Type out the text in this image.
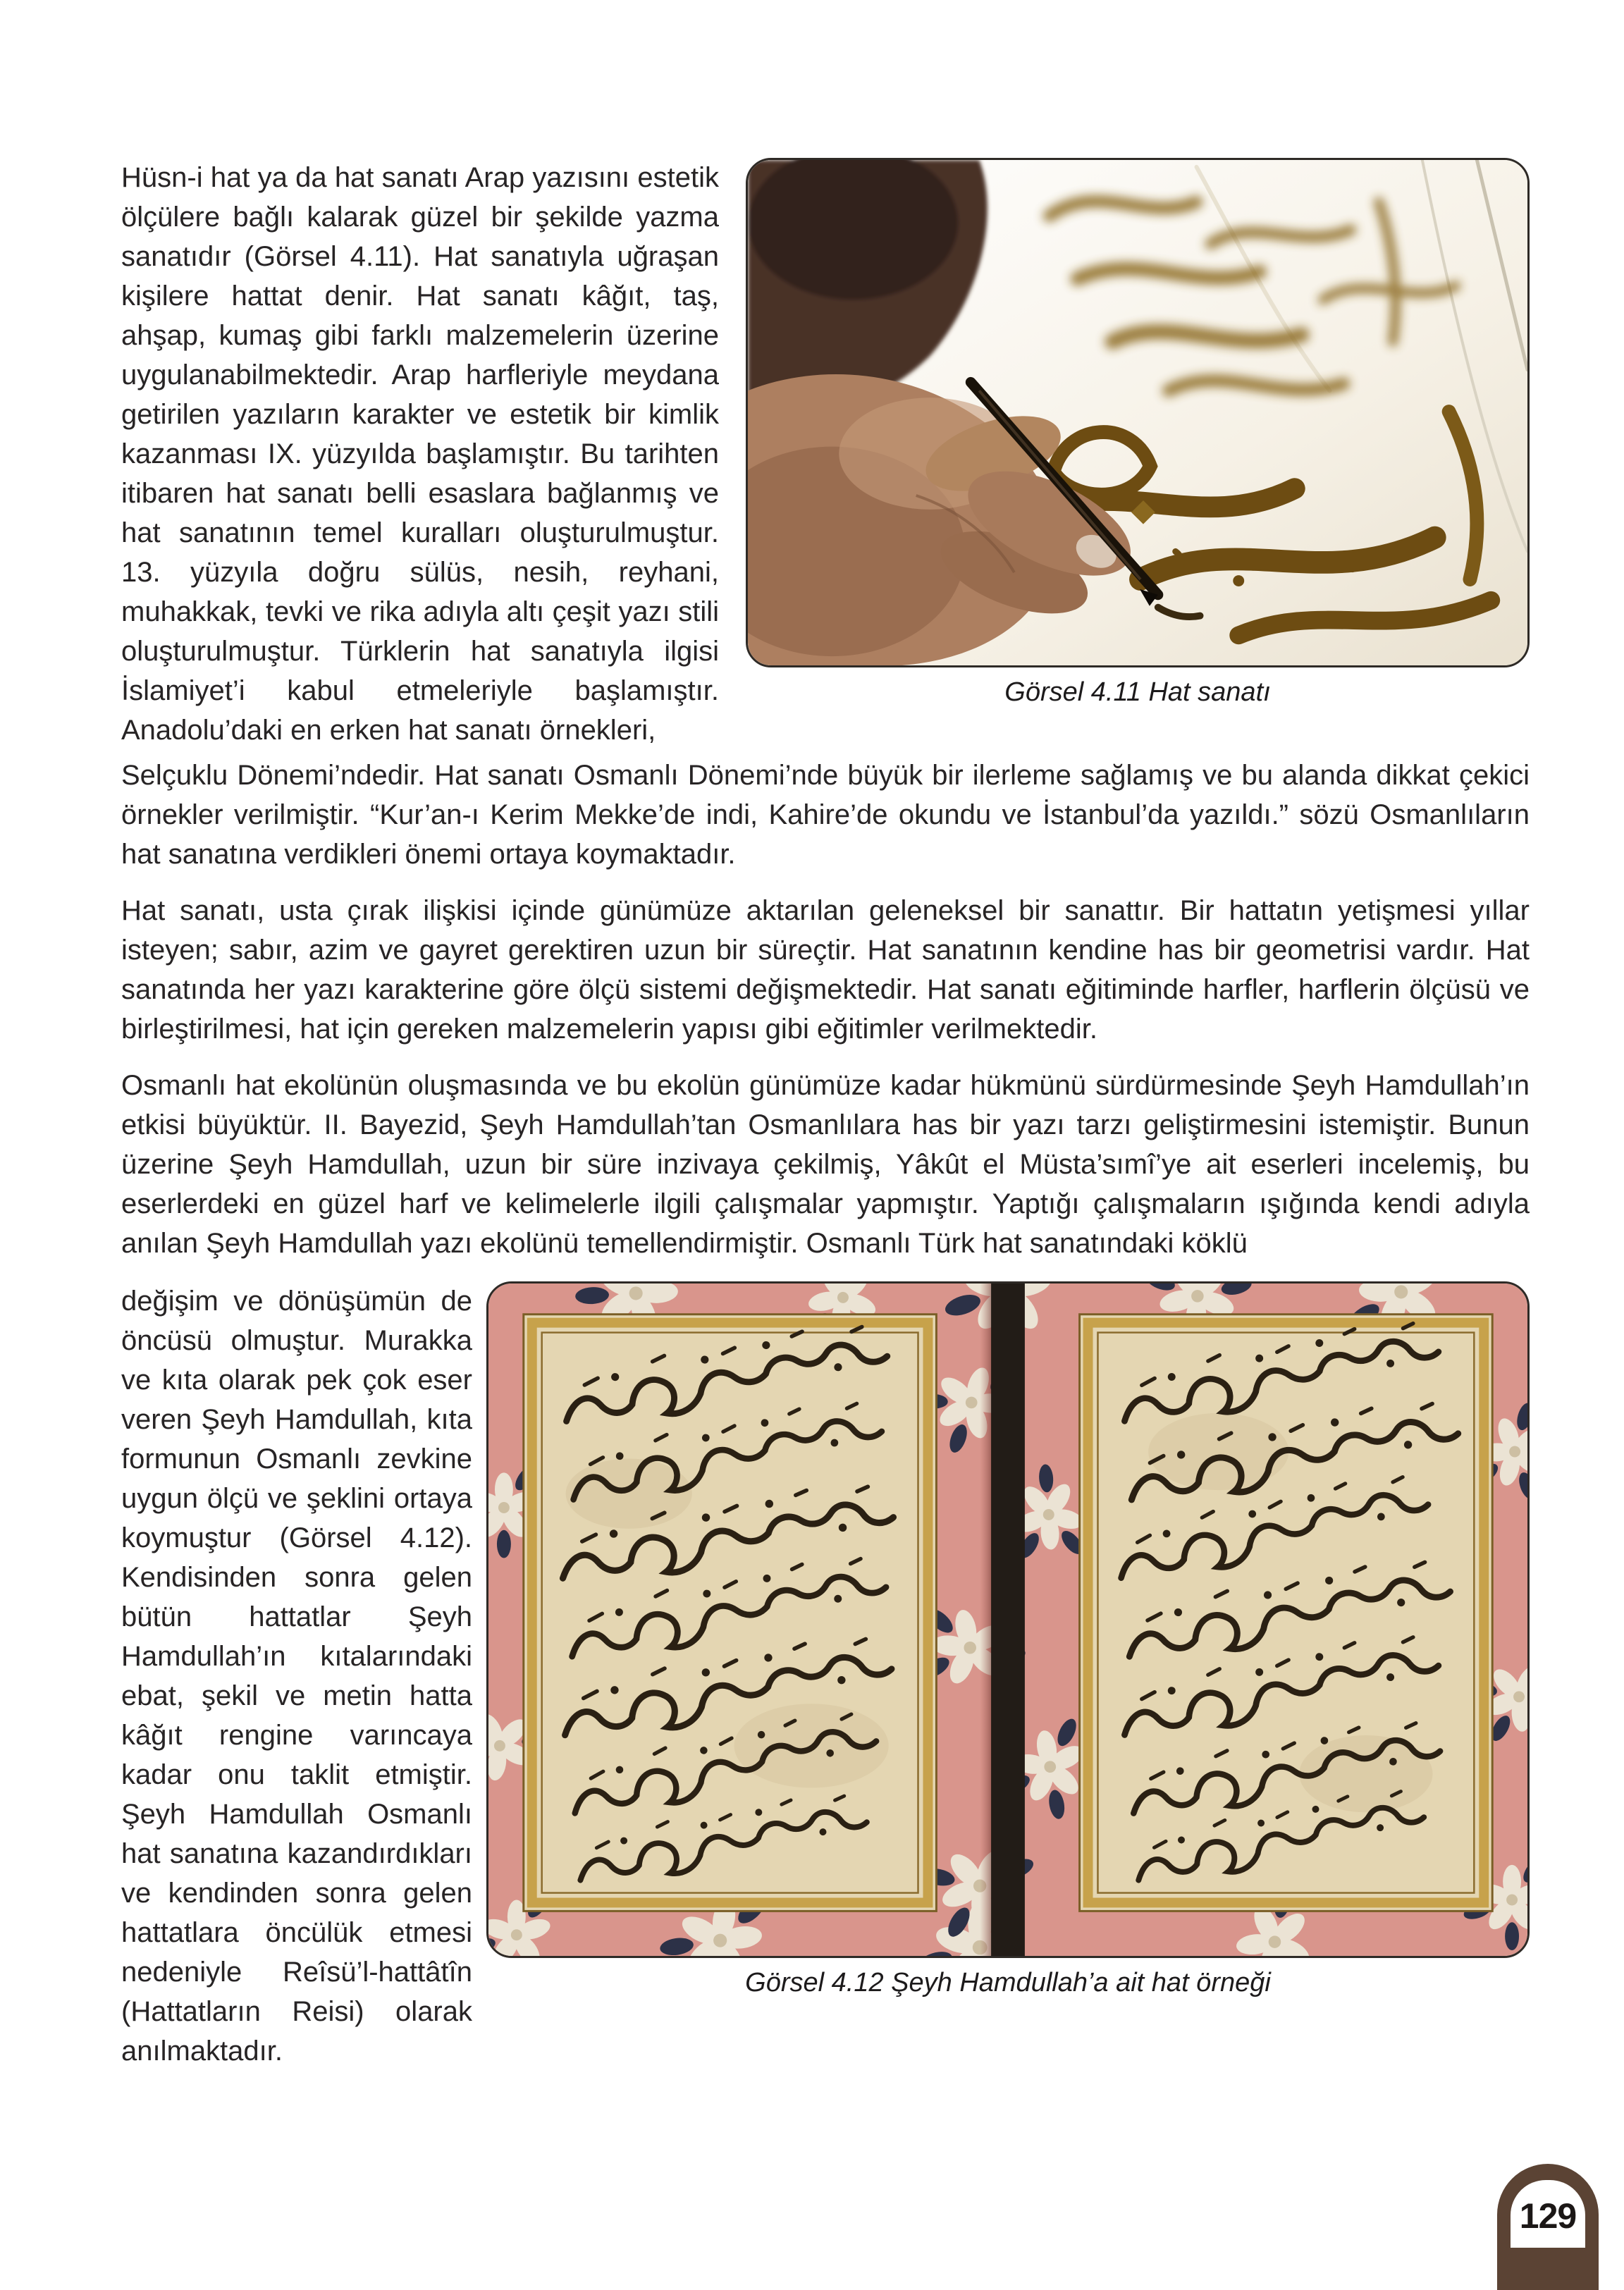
Hüsn-i hat ya da hat sanatı Arap yazısını estetik ölçülere bağlı kalarak güzel bir şekilde yazma sanatıdır (Görsel 4.11). Hat sanatıyla uğraşan kişilere hattat denir. Hat sanatı kâğıt, taş, ahşap, kumaş gibi farklı malzemelerin üzerine uygulanabilmektedir. Arap harfleriyle meydana getirilen yazıların karakter ve estetik bir kimlik kazanması IX. yüzyılda başlamıştır. Bu tarihten itibaren hat sanatı belli esaslara bağlanmış ve hat sanatının temel kuralları oluşturulmuştur. 13. yüzyıla doğru sülüs, nesih, reyhani, muhakkak, tevki ve rika adıyla altı çeşit yazı stili oluşturulmuştur. Türklerin hat sanatıyla ilgisi İslamiyet’i kabul etmeleriyle başlamıştır. Anadolu’daki en erken hat sanatı örnekleri,

Görsel 4.11 Hat sanatı

Selçuklu Dönemi’ndedir. Hat sanatı Osmanlı Dönemi’nde büyük bir ilerleme sağlamış ve bu alanda dikkat çekici örnekler verilmiştir. “Kur’an-ı Kerim Mekke’de indi, Kahire’de okundu ve İstanbul’da yazıldı.” sözü Osmanlıların hat sanatına verdikleri önemi ortaya koymaktadır.

Hat sanatı, usta çırak ilişkisi içinde günümüze aktarılan geleneksel bir sanattır. Bir hattatın yetişmesi yıllar isteyen; sabır, azim ve gayret gerektiren uzun bir süreçtir. Hat sanatının kendine has bir geometrisi vardır. Hat sanatında her yazı karakterine göre ölçü sistemi değişmektedir. Hat sanatı eğitiminde harfler, harflerin ölçüsü ve birleştirilmesi, hat için gereken malzemelerin yapısı gibi eğitimler verilmektedir.

Osmanlı hat ekolünün oluşmasında ve bu ekolün günümüze kadar hükmünü sürdürmesinde Şeyh Hamdullah’ın etkisi büyüktür. II. Bayezid, Şeyh Hamdullah’tan Osmanlılara has bir yazı tarzı geliştirmesini istemiştir. Bunun üzerine Şeyh Hamdullah, uzun bir süre inzivaya çekilmiş, Yâkût el Müsta’sımî’ye ait eserleri incelemiş, bu eserlerdeki en güzel harf ve kelimelerle ilgili çalışmalar yapmıştır. Yaptığı çalışmaların ışığında kendi adıyla anılan Şeyh Hamdullah yazı ekolünü temellendirmiştir. Osmanlı Türk hat sanatındaki köklü

değişim ve dönüşümün de öncüsü olmuştur. Murakka ve kıta olarak pek çok eser veren Şeyh Hamdullah, kıta formunun Osmanlı zevkine uygun ölçü ve şeklini ortaya koymuştur (Görsel 4.12). Kendisinden sonra gelen bütün hattatlar Şeyh Hamdullah’ın kıtalarındaki ebat, şekil ve metin hatta kâğıt rengine varıncaya kadar onu taklit etmiştir. Şeyh Hamdullah Osmanlı hat sanatına kazandırdıkları ve kendinden sonra gelen hattatlara öncülük etmesi nedeniyle Reîsü’l-hattâtîn (Hattatların Reisi) olarak anılmaktadır.

Görsel 4.12 Şeyh Hamdullah’a ait hat örneği
129
